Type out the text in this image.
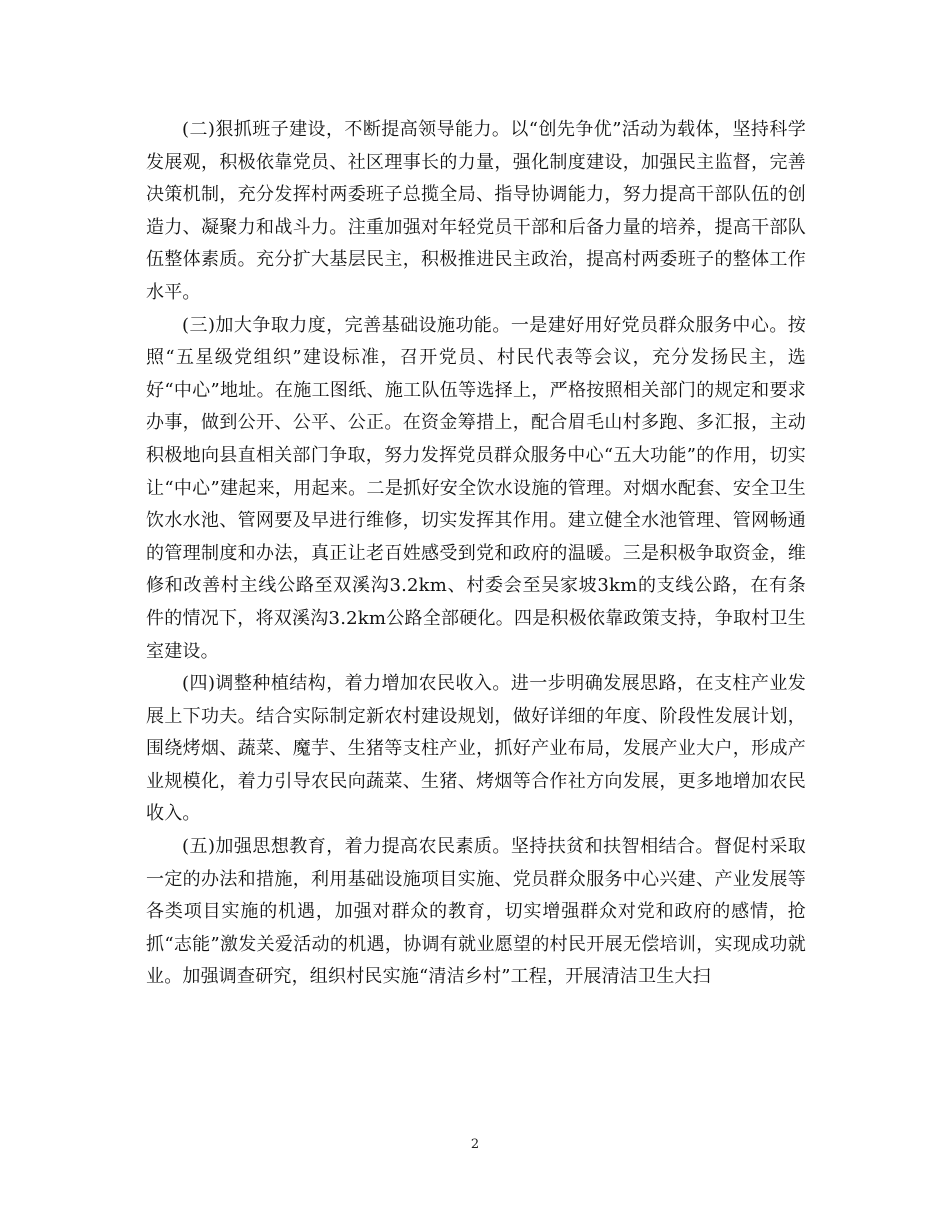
(二)狠抓班子建设，不断提高领导能力。以“创先争优”活动为载体，坚持科学发展观，积极依靠党员、社区理事长的力量，强化制度建设，加强民主监督，完善决策机制，充分发挥村两委班子总揽全局、指导协调能力，努力提高干部队伍的创造力、凝聚力和战斗力。注重加强对年轻党员干部和后备力量的培养，提高干部队伍整体素质。充分扩大基层民主，积极推进民主政治，提高村两委班子的整体工作水平。

(三)加大争取力度，完善基础设施功能。一是建好用好党员群众服务中心。按照“五星级党组织”建设标准，召开党员、村民代表等会议，充分发扬民主，选好“中心”地址。在施工图纸、施工队伍等选择上，严格按照相关部门的规定和要求办事，做到公开、公平、公正。在资金筹措上，配合眉毛山村多跑、多汇报，主动积极地向县直相关部门争取，努力发挥党员群众服务中心“五大功能”的作用，切实让“中心”建起来，用起来。二是抓好安全饮水设施的管理。对烟水配套、安全卫生饮水水池、管网要及早进行维修，切实发挥其作用。建立健全水池管理、管网畅通的管理制度和办法，真正让老百姓感受到党和政府的温暖。三是积极争取资金，维修和改善村主线公路至双溪沟3.2km、村委会至吴家坡3km的支线公路，在有条件的情况下，将双溪沟3.2km公路全部硬化。四是积极依靠政策支持，争取村卫生室建设。

(四)调整种植结构，着力增加农民收入。进一步明确发展思路，在支柱产业发展上下功夫。结合实际制定新农村建设规划，做好详细的年度、阶段性发展计划，围绕烤烟、蔬菜、魔芋、生猪等支柱产业，抓好产业布局，发展产业大户，形成产业规模化，着力引导农民向蔬菜、生猪、烤烟等合作社方向发展，更多地增加农民收入。

(五)加强思想教育，着力提高农民素质。坚持扶贫和扶智相结合。督促村采取一定的办法和措施，利用基础设施项目实施、党员群众服务中心兴建、产业发展等各类项目实施的机遇，加强对群众的教育，切实增强群众对党和政府的感情，抢抓“志能”激发关爱活动的机遇，协调有就业愿望的村民开展无偿培训，实现成功就业。加强调查研究，组织村民实施“清洁乡村”工程，开展清洁卫生大扫

2
